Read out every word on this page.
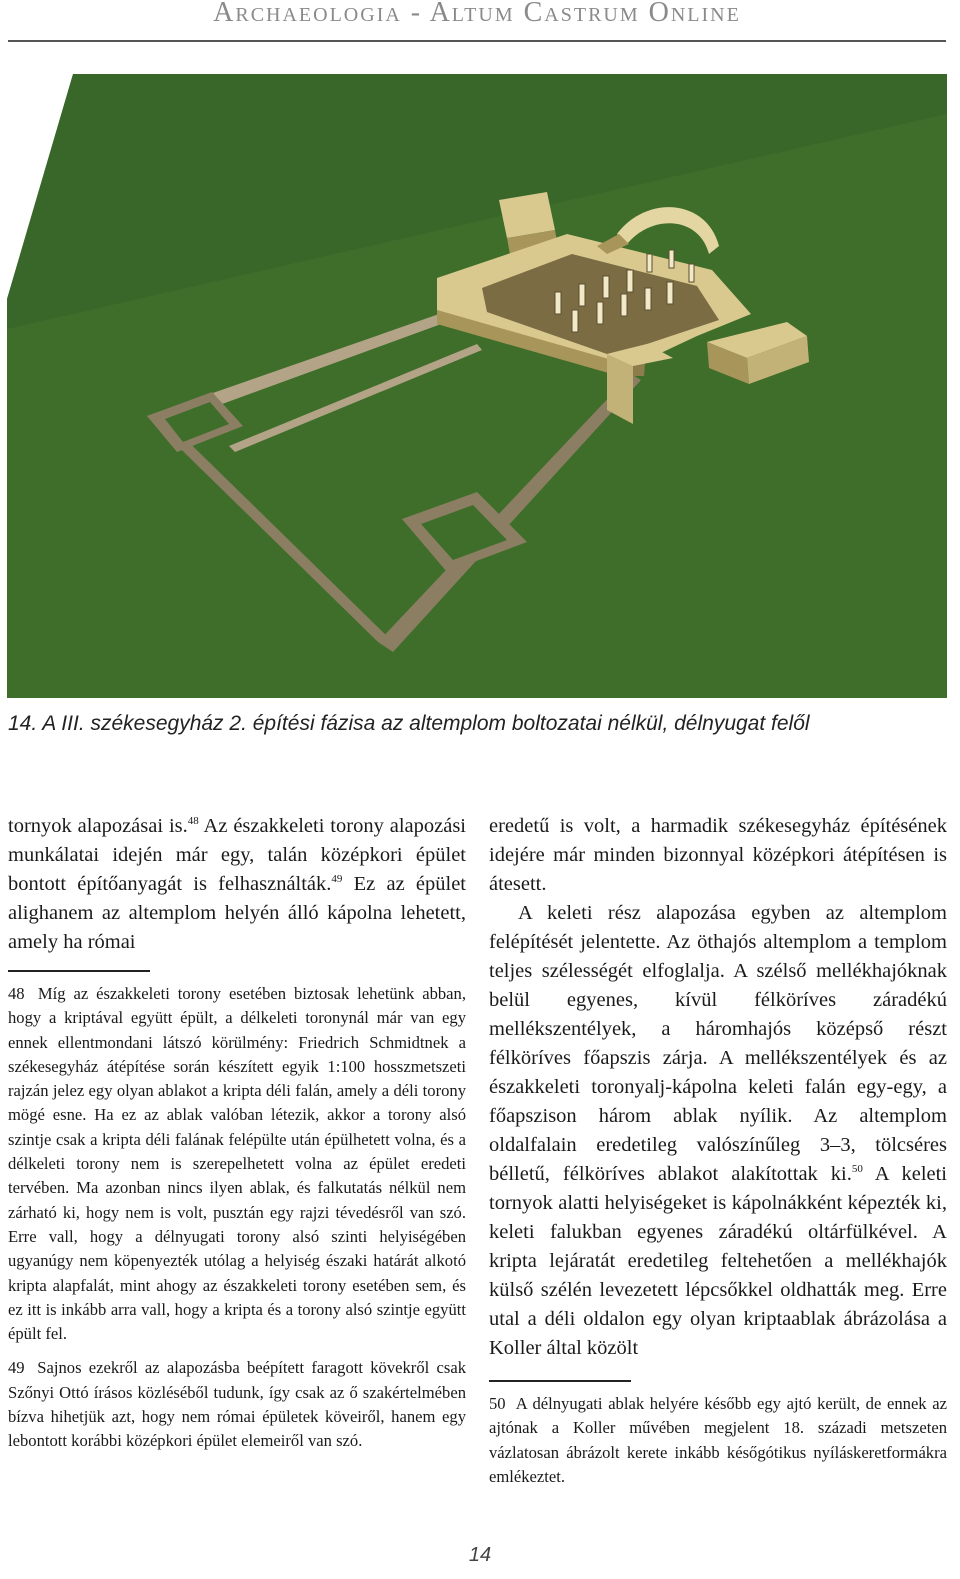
Archaeologia - Altum Castrum Online
14. A III. székesegyház 2. építési fázisa az altemplom boltozatai nélkül, délnyugat felől

tornyok alapozásai is.$^{48}$ Az északkeleti torony alapozási munkálatai idején már egy, talán középkori épület bontott építőanyagát is felhasználták.$^{49}$ Ez az épület alighanem az altemplom helyén álló kápolna lehetett, amely ha római

48 Míg az északkeleti torony esetében biztosak lehetünk abban, hogy a kriptával együtt épült, a délkeleti toronynál már van egy ennek ellentmondani látszó körülmény: Friedrich Schmidtnek a székesegyház átépítése során készített egyik 1:100 hosszmetszeti rajzán jelez egy olyan ablakot a kripta déli falán, amely a déli torony mögé esne. Ha ez az ablak valóban létezik, akkor a torony alsó szintje csak a kripta déli falának felépülte után épülhetett volna, és a délkeleti torony nem is szerepelhetett volna az épület eredeti tervében. Ma azonban nincs ilyen ablak, és falkutatás nélkül nem zárható ki, hogy nem is volt, pusztán egy rajzi tévedésről van szó. Erre vall, hogy a délnyugati torony alsó szinti helyiségében ugyanúgy nem köpenyezték utólag a helyiség északi határát alkotó kripta alapfalát, mint ahogy az északkeleti torony esetében sem, és ez itt is inkább arra vall, hogy a kripta és a torony alsó szintje együtt épült fel.

49 Sajnos ezekről az alapozásba beépített faragott kövekről csak Szőnyi Ottó írásos közléséből tudunk, így csak az ő szakértelmében bízva hihetjük azt, hogy nem római épületek köveiről, hanem egy lebontott korábbi középkori épület elemeiről van szó.

eredetű is volt, a harmadik székesegyház építésének idejére már minden bizonnyal középkori átépítésen is átesett.

A keleti rész alapozása egyben az altemplom felépítését jelentette. Az öthajós altemplom a templom teljes szélességét elfoglalja. A szélső mellékhajóknak belül egyenes, kívül félköríves záradékú mellékszentélyek, a háromhajós középső részt félköríves főapszis zárja. A mellékszentélyek és az északkeleti toronyalj-kápolna keleti falán egy-egy, a főapszison három ablak nyílik. Az altemplom oldalfalain eredetileg valószínűleg 3–3, tölcséres bélletű, félköríves ablakot alakítottak ki.$^{50}$ A keleti tornyok alatti helyiségeket is kápolnákként képezték ki, keleti falukban egyenes záradékú oltárfülkével. A kripta lejáratát eredetileg feltehetően a mellékhajók külső szélén levezetett lépcsőkkel oldhatták meg. Erre utal a déli oldalon egy olyan kriptaablak ábrázolása a Koller által közölt

50 A délnyugati ablak helyére később egy ajtó került, de ennek az ajtónak a Koller művében megjelent 18. századi metszeten vázlatosan ábrázolt kerete inkább későgótikus nyíláskeretformákra emlékeztet.

14
